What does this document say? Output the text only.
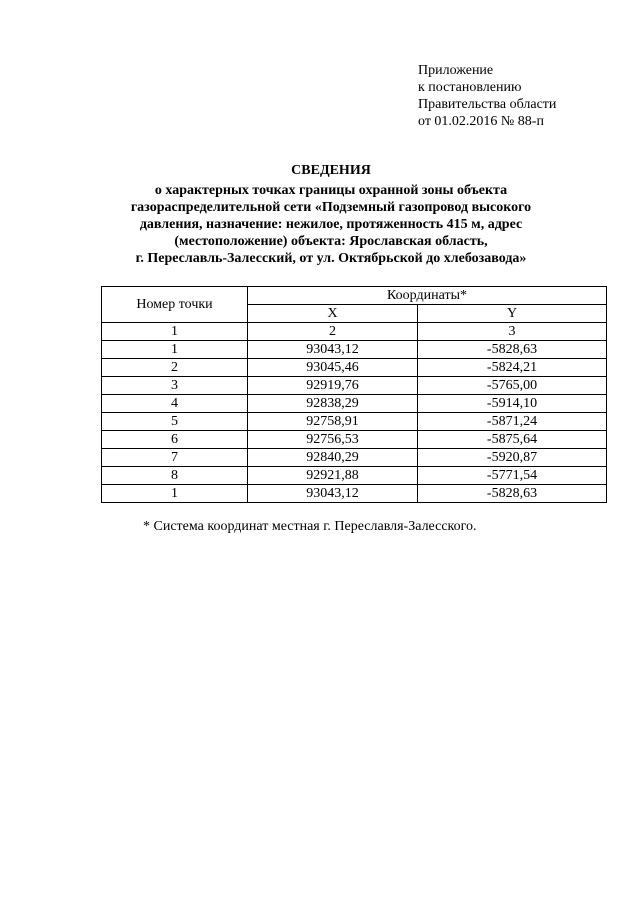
Приложение
к постановлению
Правительства области
от 01.02.2016 № 88-п
СВЕДЕНИЯ
о характерных точках границы охранной зоны объекта
газораспределительной сети «Подземный газопровод высокого
давления, назначение: нежилое, протяженность 415 м, адрес
(местоположение) объекта: Ярославская область,
г. Переславль-Залесский, от ул. Октябрьской до хлебозавода»
Номер точки	Координаты*	
	X	Y
1	2	3
1	93043,12	-5828,63
2	93045,46	-5824,21
3	92919,76	-5765,00
4	92838,29	-5914,10
5	92758,91	-5871,24
6	92756,53	-5875,64
7	92840,29	-5920,87
8	92921,88	-5771,54
1	93043,12	-5828,63
* Система координат местная г. Переславля-Залесского.
